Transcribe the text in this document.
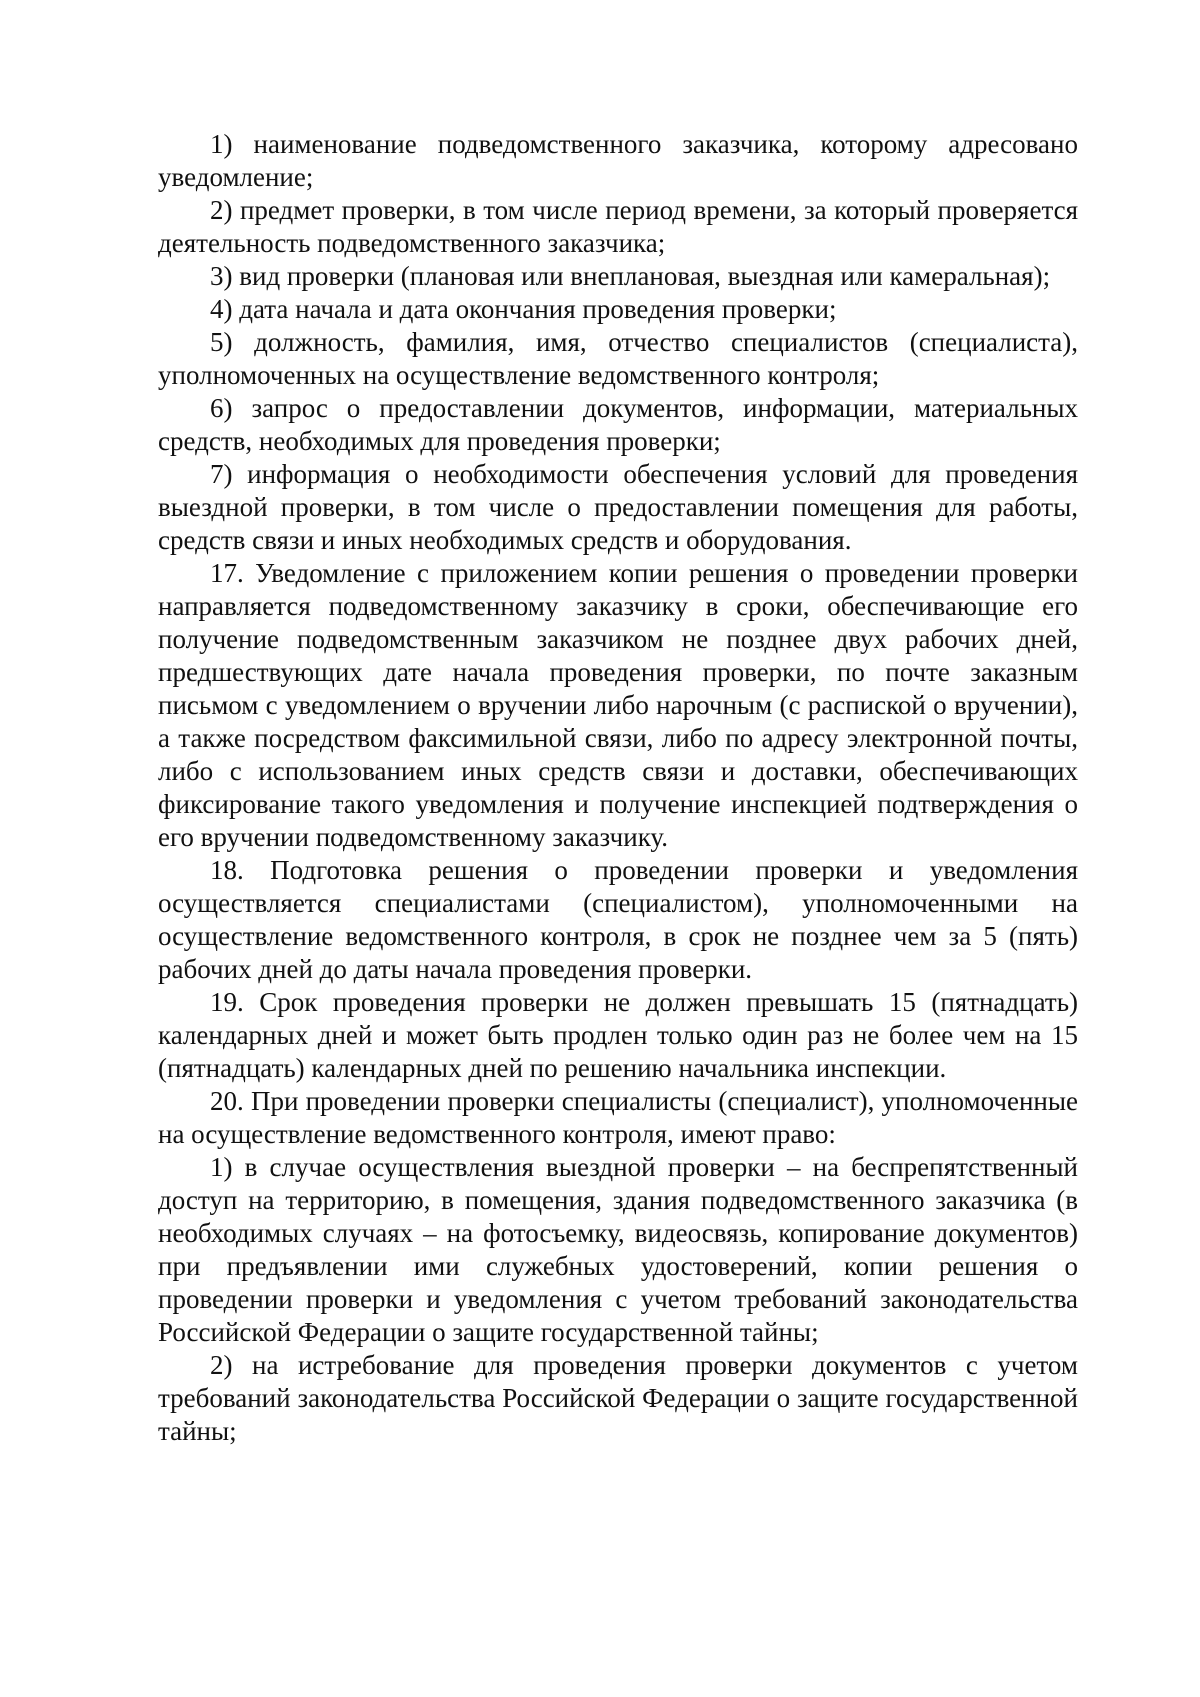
1) наименование подведомственного заказчика, которому адресовано уведомление;

2) предмет проверки, в том числе период времени, за который проверяется деятельность подведомственного заказчика;

3) вид проверки (плановая или внеплановая, выездная или камеральная);

4) дата начала и дата окончания проведения проверки;

5) должность, фамилия, имя, отчество специалистов (специалиста), уполномоченных на осуществление ведомственного контроля;

6) запрос о предоставлении документов, информации, материальных средств, необходимых для проведения проверки;

7) информация о необходимости обеспечения условий для проведения выездной проверки, в том числе о предоставлении помещения для работы, средств связи и иных необходимых средств и оборудования.

17. Уведомление с приложением копии решения о проведении проверки направляется подведомственному заказчику в сроки, обеспечивающие его получение подведомственным заказчиком не позднее двух рабочих дней, предшествующих дате начала проведения проверки, по почте заказным письмом с уведомлением о вручении либо нарочным (с распиской о вручении), а также посредством факсимильной связи, либо по адресу электронной почты, либо с использованием иных средств связи и доставки, обеспечивающих фиксирование такого уведомления и получение инспекцией подтверждения о его вручении подведомственному заказчику.

18. Подготовка решения о проведении проверки и уведомления осуществляется специалистами (специалистом), уполномоченными на осуществление ведомственного контроля, в срок не позднее чем за 5 (пять) рабочих дней до даты начала проведения проверки.

19. Срок проведения проверки не должен превышать 15 (пятнадцать) календарных дней и может быть продлен только один раз не более чем на 15 (пятнадцать) календарных дней по решению начальника инспекции.

20. При проведении проверки специалисты (специалист), уполномоченные на осуществление ведомственного контроля, имеют право:

1) в случае осуществления выездной проверки – на беспрепятственный доступ на территорию, в помещения, здания подведомственного заказчика (в необходимых случаях – на фотосъемку, видеосвязь, копирование документов) при предъявлении ими служебных удостоверений, копии решения о проведении проверки и уведомления с учетом требований законодательства Российской Федерации о защите государственной тайны;

2) на истребование для проведения проверки документов с учетом требований законодательства Российской Федерации о защите государственной тайны;
